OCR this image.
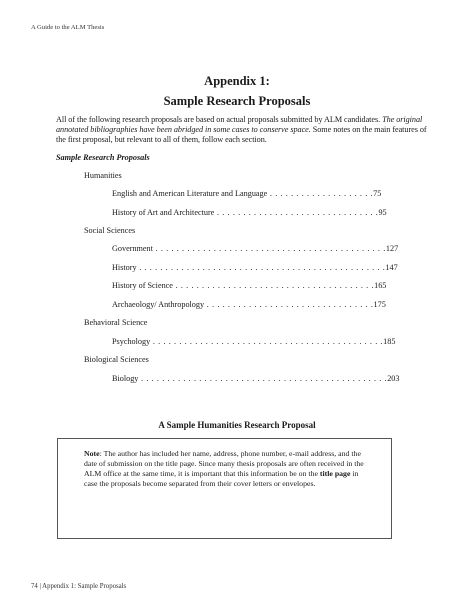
A Guide to the ALM Thesis
Appendix 1:
Sample Research Proposals
All of the following research proposals are based on actual proposals submitted by ALM candidates. The original annotated bibliographies have been abridged in some cases to conserve space. Some notes on the main features of the first proposal, but relevant to all of them, follow each section.
Sample Research Proposals
Humanities
English and American Literature and Language . . . . . . . . . . . . . . . . . . . .75
History of Art and Architecture . . . . . . . . . . . . . . . . . . . . . . . . . . . . . . .95
Social Sciences
Government . . . . . . . . . . . . . . . . . . . . . . . . . . . . . . . . . . . . . . . . . . . .127
History . . . . . . . . . . . . . . . . . . . . . . . . . . . . . . . . . . . . . . . . . . . . . . .147
History of Science . . . . . . . . . . . . . . . . . . . . . . . . . . . . . . . . . . . . . .165
Archaeology/ Anthropology . . . . . . . . . . . . . . . . . . . . . . . . . . . . . . . .175
Behavioral Science
Psychology . . . . . . . . . . . . . . . . . . . . . . . . . . . . . . . . . . . . . . . . . . . .185
Biological Sciences
Biology . . . . . . . . . . . . . . . . . . . . . . . . . . . . . . . . . . . . . . . . . . . . . . .203
A Sample Humanities Research Proposal
Note: The author has included her name, address, phone number, e-mail address, and the date of submission on the title page. Since many thesis proposals are often received in the ALM office at the same time, it is important that this information be on the title page in case the proposals become separated from their cover letters or envelopes.
74 | Appendix 1: Sample Proposals
